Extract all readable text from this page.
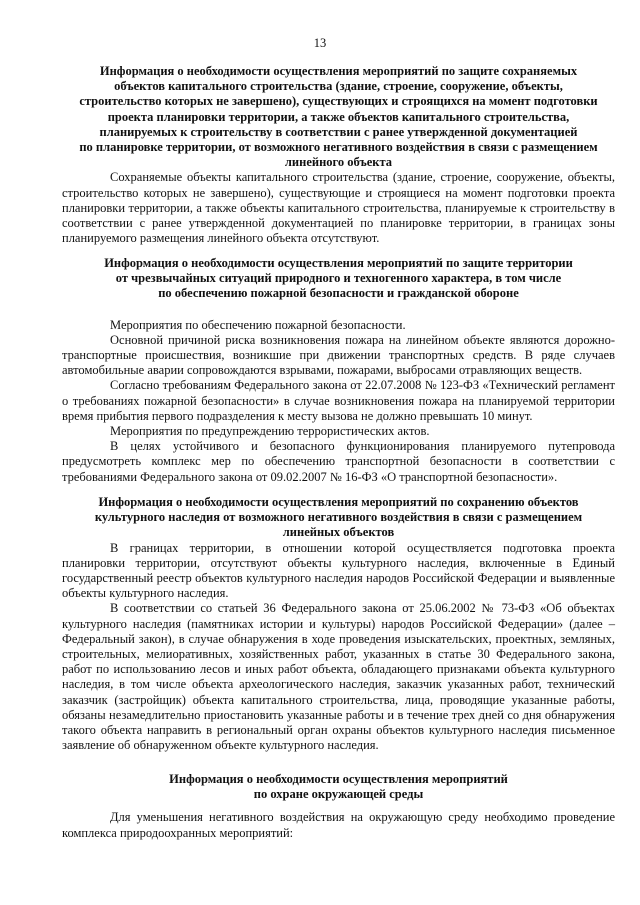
13
Информация о необходимости осуществления мероприятий по защите сохраняемых
объектов капитального строительства (здание, строение, сооружение, объекты,
строительство которых не завершено), существующих и строящихся на момент подготовки
проекта планировки территории, а также объектов капитального строительства,
планируемых к строительству в соответствии с ранее утвержденной документацией
по планировке территории, от возможного негативного воздействия в связи с размещением
линейного объекта

Сохраняемые объекты капитального строительства (здание, строение, сооружение, объекты, строительство которых не завершено), существующие и строящиеся на момент подготовки проекта планировки территории, а также объекты капитального строительства, планируемые к строительству в соответствии с ранее утвержденной документацией по планировке территории, в границах зоны планируемого размещения линейного объекта отсутствуют.

Информация о необходимости осуществления мероприятий по защите территории
от чрезвычайных ситуаций природного и техногенного характера, в том числе
по обеспечению пожарной безопасности и гражданской обороне

Мероприятия по обеспечению пожарной безопасности.

Основной причиной риска возникновения пожара на линейном объекте являются дорожно-транспортные происшествия, возникшие при движении транспортных средств. В ряде случаев автомобильные аварии сопровождаются взрывами, пожарами, выбросами отравляющих веществ.

Согласно требованиям Федерального закона от 22.07.2008 № 123-ФЗ «Технический регламент о требованиях пожарной безопасности» в случае возникновения пожара на планируемой территории время прибытия первого подразделения к месту вызова не должно превышать 10 минут.

Мероприятия по предупреждению террористических актов.

В целях устойчивого и безопасного функционирования планируемого путепровода предусмотреть комплекс мер по обеспечению транспортной безопасности в соответствии с требованиями Федерального закона от 09.02.2007 № 16-ФЗ «О транспортной безопасности».

Информация о необходимости осуществления мероприятий по сохранению объектов
культурного наследия от возможного негативного воздействия в связи с размещением
линейных объектов

В границах территории, в отношении которой осуществляется подготовка проекта планировки территории, отсутствуют объекты культурного наследия, включенные в Единый государственный реестр объектов культурного наследия народов Российской Федерации и выявленные объекты культурного наследия.

В соответствии со статьей 36 Федерального закона от 25.06.2002 № 73-ФЗ «Об объектах культурного наследия (памятниках истории и культуры) народов Российской Федерации» (далее – Федеральный закон), в случае обнаружения в ходе проведения изыскательских, проектных, земляных, строительных, мелиоративных, хозяйственных работ, указанных в статье 30 Федерального закона, работ по использованию лесов и иных работ объекта, обладающего признаками объекта культурного наследия, в том числе объекта археологического наследия, заказчик указанных работ, технический заказчик (застройщик) объекта капитального строительства, лица, проводящие указанные работы, обязаны незамедлительно приостановить указанные работы и в течение трех дней со дня обнаружения такого объекта направить в региональный орган охраны объектов культурного наследия письменное заявление об обнаруженном объекте культурного наследия.

Информация о необходимости осуществления мероприятий
по охране окружающей среды

Для уменьшения негативного воздействия на окружающую среду необходимо проведение комплекса природоохранных мероприятий:
